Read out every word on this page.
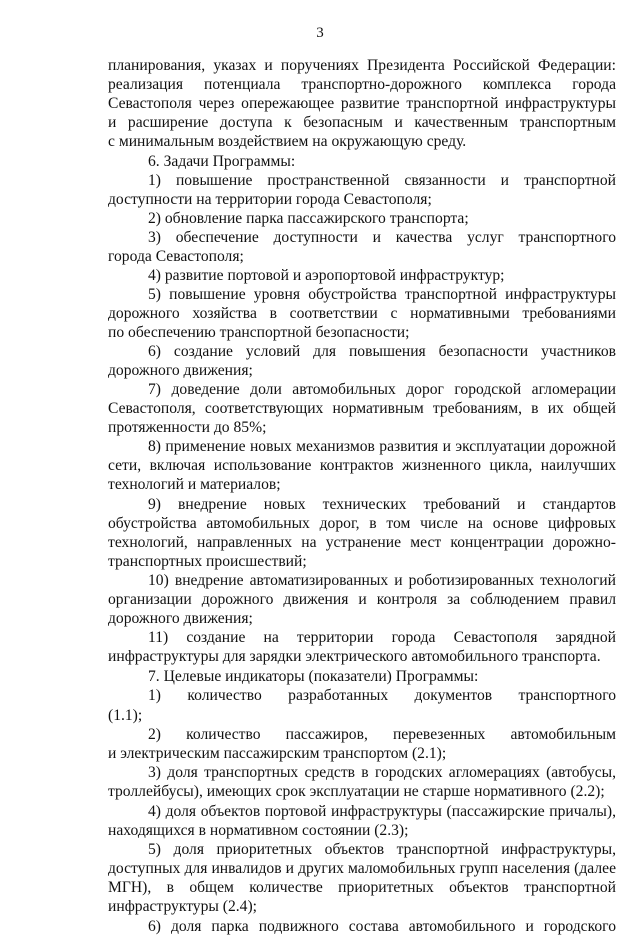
3
планирования, указах и поручениях Президента Российской Федерации:
реализация потенциала транспортно-дорожного комплекса города
Севастополя через опережающее развитие транспортной инфраструктуры
и расширение доступа к безопасным и качественным транспортным
с минимальным воздействием на окружающую среду.
6. Задачи Программы:
1) повышение пространственной связанности и транспортной
доступности на территории города Севастополя;
2) обновление парка пассажирского транспорта;
3) обеспечение доступности и качества услуг транспортного
города Севастополя;
4) развитие портовой и аэропортовой инфраструктур;
5) повышение уровня обустройства транспортной инфраструктуры
дорожного хозяйства в соответствии с нормативными требованиями
по обеспечению транспортной безопасности;
6) создание условий для повышения безопасности участников
дорожного движения;
7) доведение доли автомобильных дорог городской агломерации
Севастополя, соответствующих нормативным требованиям, в их общей
протяженности до 85%;
8) применение новых механизмов развития и эксплуатации дорожной
сети, включая использование контрактов жизненного цикла, наилучших
технологий и материалов;
9) внедрение новых технических требований и стандартов
обустройства автомобильных дорог, в том числе на основе цифровых
технологий, направленных на устранение мест концентрации дорожно-
транспортных происшествий;
10) внедрение автоматизированных и роботизированных технологий
организации дорожного движения и контроля за соблюдением правил
дорожного движения;
11) создание на территории города Севастополя зарядной
инфраструктуры для зарядки электрического автомобильного транспорта.
7. Целевые индикаторы (показатели) Программы:
1) количество разработанных документов транспортного
(1.1);
2) количество пассажиров, перевезенных автомобильным
и электрическим пассажирским транспортом (2.1);
3) доля транспортных средств в городских агломерациях (автобусы,
троллейбусы), имеющих срок эксплуатации не старше нормативного (2.2);
4) доля объектов портовой инфраструктуры (пассажирские причалы),
находящихся в нормативном состоянии (2.3);
5) доля приоритетных объектов транспортной инфраструктуры,
доступных для инвалидов и других маломобильных групп населения (далее
МГН), в общем количестве приоритетных объектов транспортной
инфраструктуры (2.4);
6) доля парка подвижного состава автомобильного и городского
